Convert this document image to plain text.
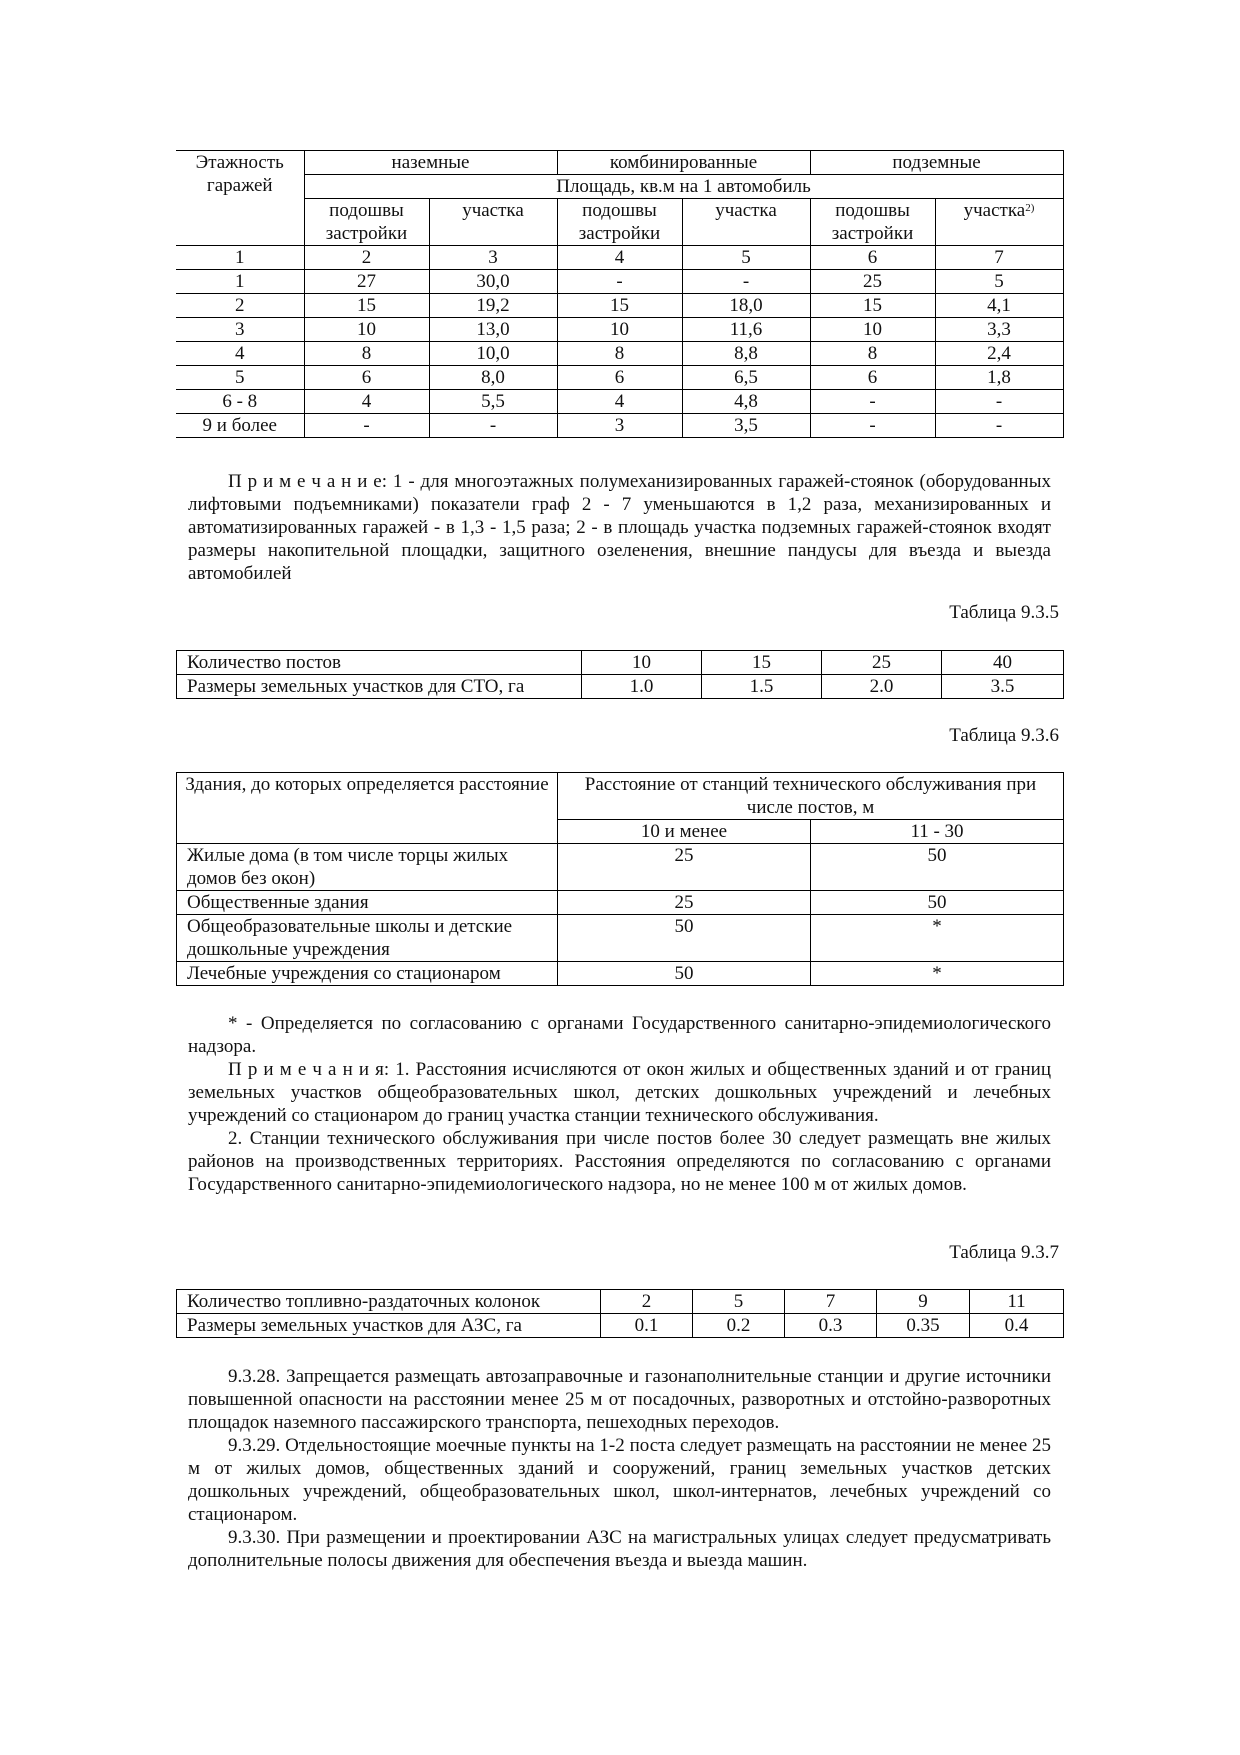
Этажность гаражей	наземные		комбинированные		подземные	
	Площадь, кв.м на 1 автомобиль					
	подошвы застройки	участка	подошвы застройки	участка	подошвы застройки	участка$^{2)}$
1	2	3	4	5	6	7
1	27	30,0	-	-	25	5
2	15	19,2	15	18,0	15	4,1
3	10	13,0	10	11,6	10	3,3
4	8	10,0	8	8,8	8	2,4
5	6	8,0	6	6,5	6	1,8
6 - 8	4	5,5	4	4,8	-	-
9 и более	-	-	3	3,5	-	-

П р и м е ч а н и е: 1 - для многоэтажных полумеханизированных гаражей-стоянок (оборудованных лифтовыми подъемниками) показатели граф 2 - 7 уменьшаются в 1,2 раза, механизированных и автоматизированных гаражей - в 1,3 - 1,5 раза; 2 - в площадь участка подземных гаражей-стоянок входят размеры накопительной площадки, защитного озеленения, внешние пандусы для въезда и выезда автомобилей

Таблица 9.3.5
Количество постов	10	15	25	40
Размеры земельных участков для СТО, га	1.0	1.5	2.0	3.5
Таблица 9.3.6
Здания, до которых определяется расстояние	Расстояние от станций технического обслуживания при числе постов, м	
	10 и менее	11 - 30
Жилые дома (в том числе торцы жилых домов без окон)	25	50
Общественные здания	25	50
Общеобразовательные школы и детские дошкольные учреждения	50	*
Лечебные учреждения со стационаром	50	*

* - Определяется по согласованию с органами Государственного санитарно-эпидемиологического надзора.

П р и м е ч а н и я: 1. Расстояния исчисляются от окон жилых и общественных зданий и от границ земельных участков общеобразовательных школ, детских дошкольных учреждений и лечебных учреждений со стационаром до границ участка станции технического обслуживания.

2. Станции технического обслуживания при числе постов более 30 следует размещать вне жилых районов на производственных территориях. Расстояния определяются по согласованию с органами Государственного санитарно-эпидемиологического надзора, но не менее 100 м от жилых домов.

Таблица 9.3.7
Количество топливно-раздаточных колонок	2	5	7	9	11
Размеры земельных участков для АЗС, га	0.1	0.2	0.3	0.35	0.4

9.3.28. Запрещается размещать автозаправочные и газонаполнительные станции и другие источники повышенной опасности на расстоянии менее 25 м от посадочных, разворотных и отстойно-разворотных площадок наземного пассажирского транспорта, пешеходных переходов.

9.3.29. Отдельностоящие моечные пункты на 1-2 поста следует размещать на расстоянии не менее 25 м от жилых домов, общественных зданий и сооружений, границ земельных участков детских дошкольных учреждений, общеобразовательных школ, школ-интернатов, лечебных учреждений со стационаром.

9.3.30. При размещении и проектировании АЗС на магистральных улицах следует предусматривать дополнительные полосы движения для обеспечения въезда и выезда машин.
